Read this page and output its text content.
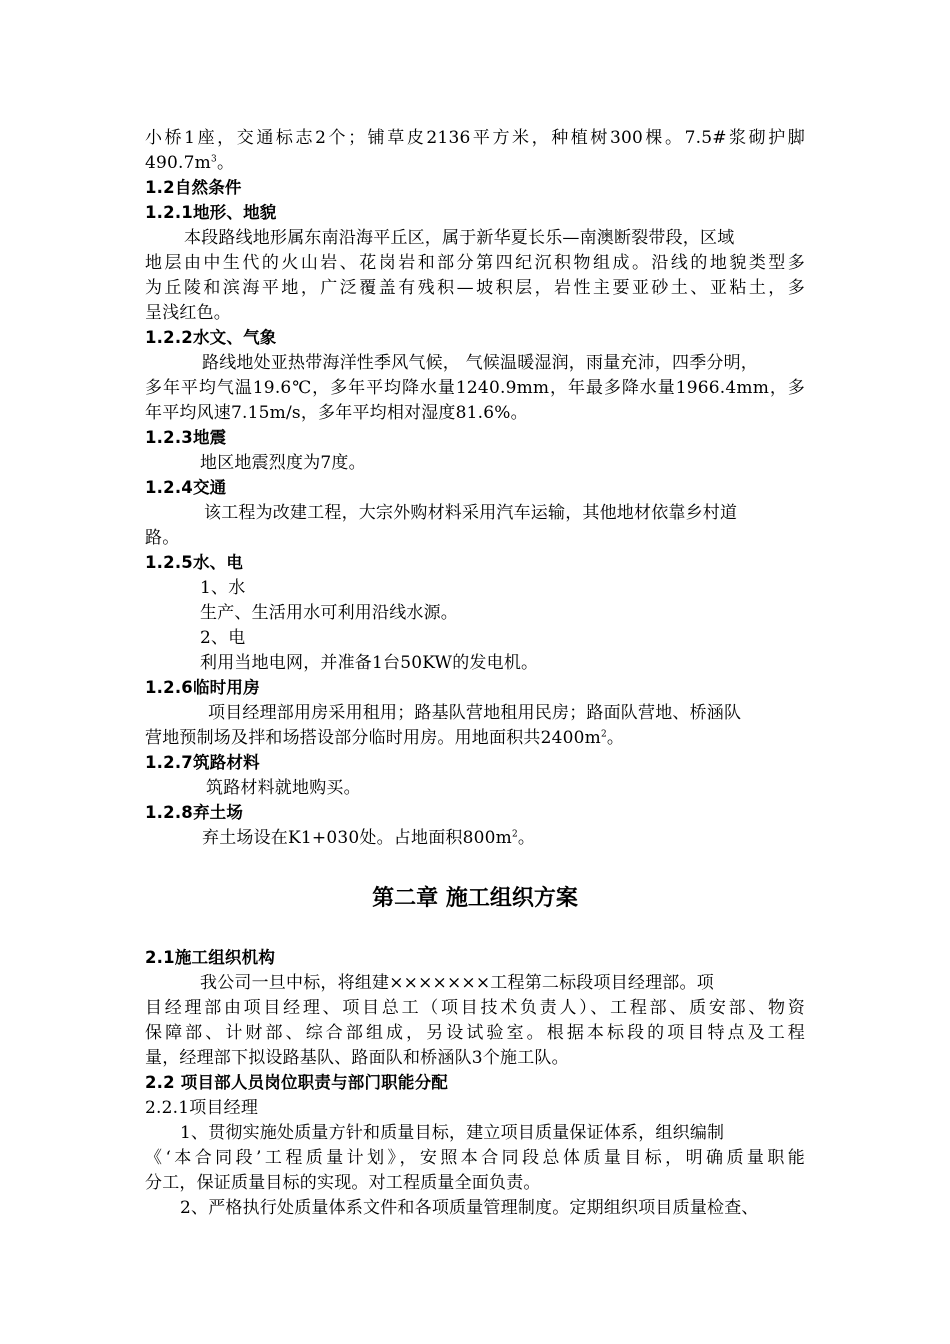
小桥1座，交通标志2个；铺草皮2136平方米，种植树300棵。7.5#浆砌护脚
$490.7m^3$。
1.2自然条件
1.2.1地形、地貌
本段路线地形属东南沿海平丘区，属于新华夏长乐—南澳断裂带段，区域
地层由中生代的火山岩、花岗岩和部分第四纪沉积物组成。沿线的地貌类型多
为丘陵和滨海平地，广泛覆盖有残积—坡积层，岩性主要亚砂土、亚粘土，多
呈浅红色。
1.2.2水文、气象
路线地处亚热带海洋性季风气候， 气候温暖湿润，雨量充沛，四季分明，
多年平均气温19.6℃，多年平均降水量1240.9mm，年最多降水量1966.4mm，多
年平均风速7.15m/s，多年平均相对湿度81.6%。
1.2.3地震
地区地震烈度为7度。
1.2.4交通
该工程为改建工程，大宗外购材料采用汽车运输，其他地材依靠乡村道
路。
1.2.5水、电
1、水
生产、生活用水可利用沿线水源。
2、电
利用当地电网，并准备1台50KW的发电机。
1.2.6临时用房
项目经理部用房采用租用；路基队营地租用民房；路面队营地、桥涵队
营地预制场及拌和场搭设部分临时用房。用地面积共$2400m^2$。
1.2.7筑路材料
筑路材料就地购买。
1.2.8弃土场
弃土场设在K1+030处。占地面积$800m^2$。
第二章 施工组织方案
2.1施工组织机构
我公司一旦中标，将组建×××××××工程第二标段项目经理部。项
目经理部由项目经理、项目总工（项目技术负责人）、工程部、质安部、物资
保障部、计财部、综合部组成，另设试验室。根据本标段的项目特点及工程
量，经理部下拟设路基队、路面队和桥涵队3个施工队。
2.2 项目部人员岗位职责与部门职能分配
2.2.1项目经理
1、贯彻实施处质量方针和质量目标，建立项目质量保证体系，组织编制
《‘本合同段’工程质量计划》，安照本合同段总体质量目标，明确质量职能
分工，保证质量目标的实现。对工程质量全面负责。
2、严格执行处质量体系文件和各项质量管理制度。定期组织项目质量检查、
